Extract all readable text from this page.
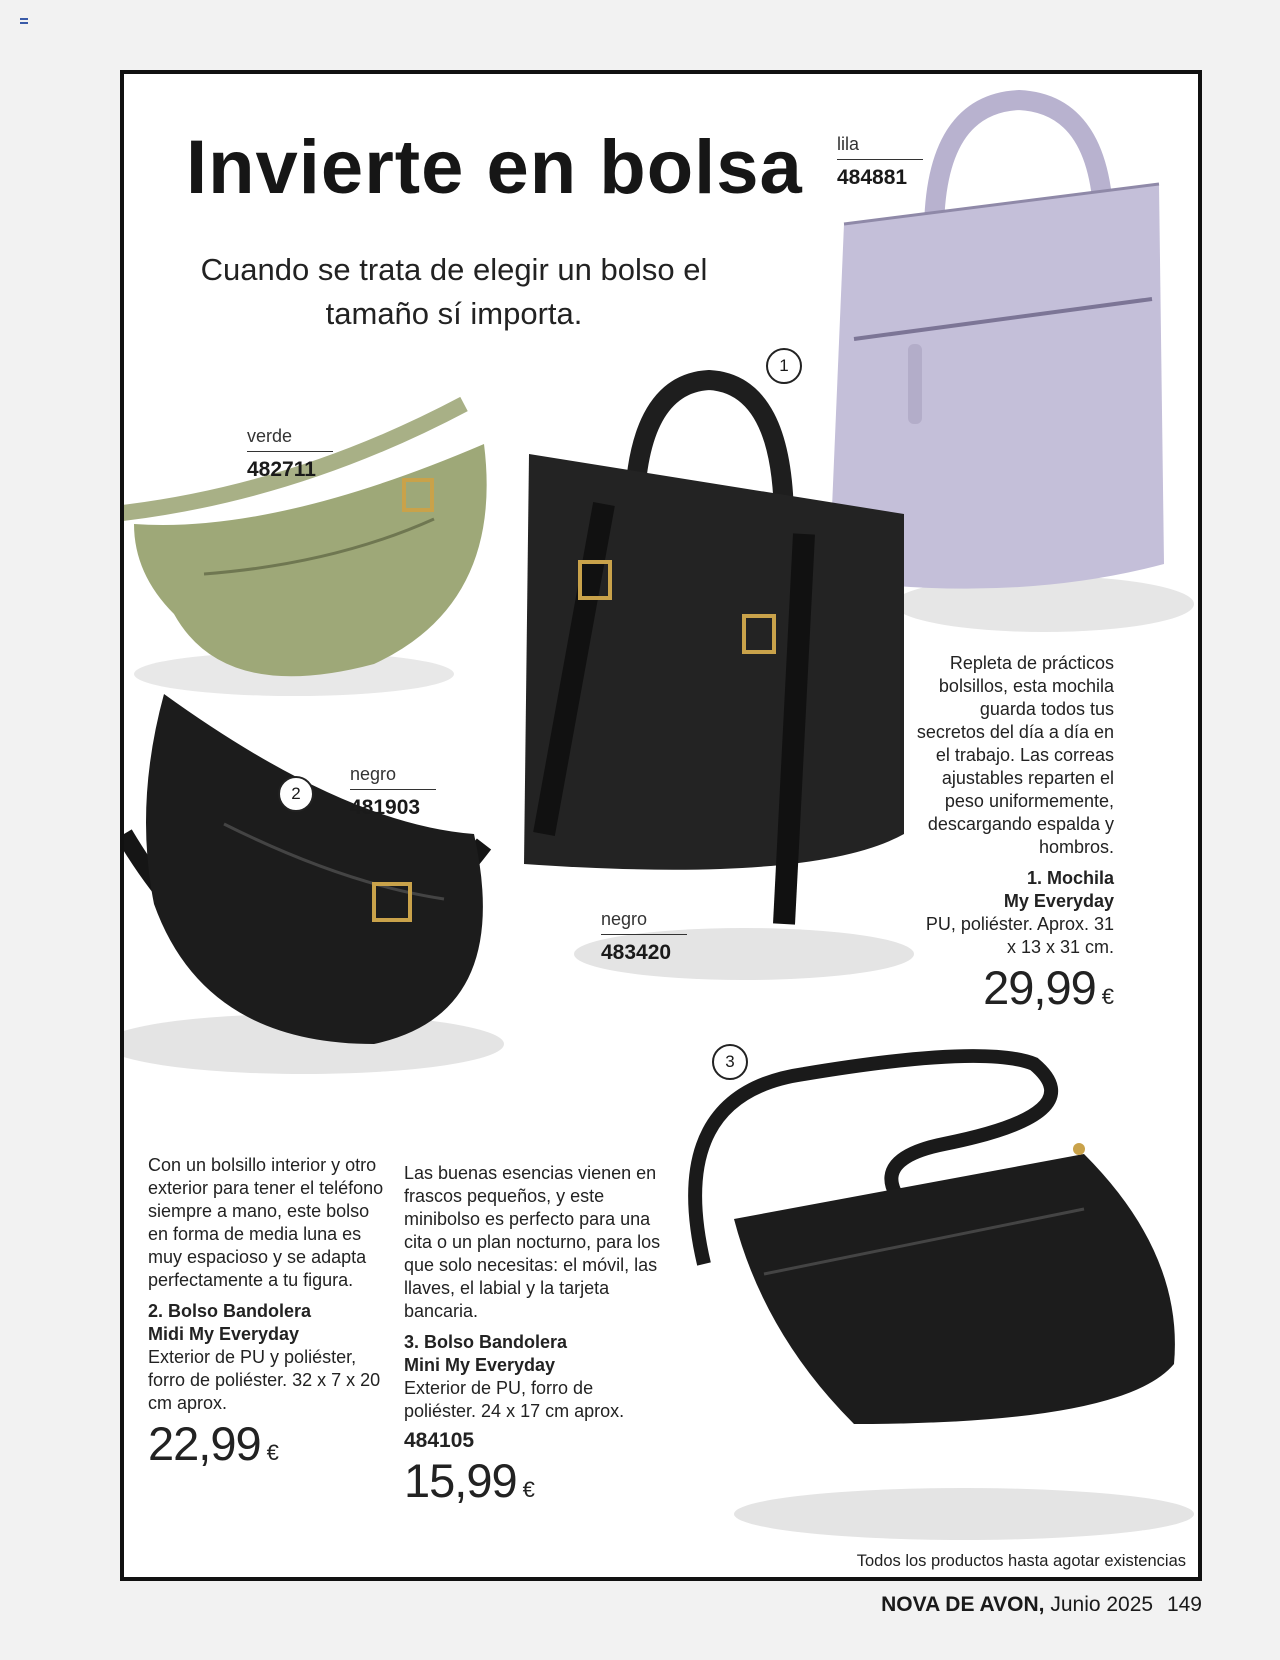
Invierte en bolsa
Cuando se trata de elegir un bolso el tamaño sí importa.
lila
484881
verde
482711
negro
481903
negro
483420
1
2
3

Repleta de prácticos bolsillos, esta mochila guarda todos tus secretos del día a día en el trabajo. Las correas ajustables reparten el peso uniformemente, descargando espalda y hombros.

1. Mochila

My Everyday

PU, poliéster. Aprox. 31 x 13 x 31 cm.

29,99 €

Con un bolsillo interior y otro exterior para tener el teléfono siempre a mano, este bolso en forma de media luna es muy espacioso y se adapta perfectamente a tu figura.

2. Bolso Bandolera

Midi My Everyday

Exterior de PU y poliéster, forro de poliéster. 32 x 7 x 20 cm aprox.

22,99 €

Las buenas esencias vienen en frascos pequeños, y este minibolso es perfecto para una cita o un plan nocturno, para los que solo necesitas: el móvil, las llaves, el labial y la tarjeta bancaria.

3. Bolso Bandolera

Mini My Everyday

Exterior de PU, forro de poliéster. 24 x 17 cm aprox.

484105

15,99 €
Todos los productos hasta agotar existencias
NOVA DE AVON, Junio 2025 149
